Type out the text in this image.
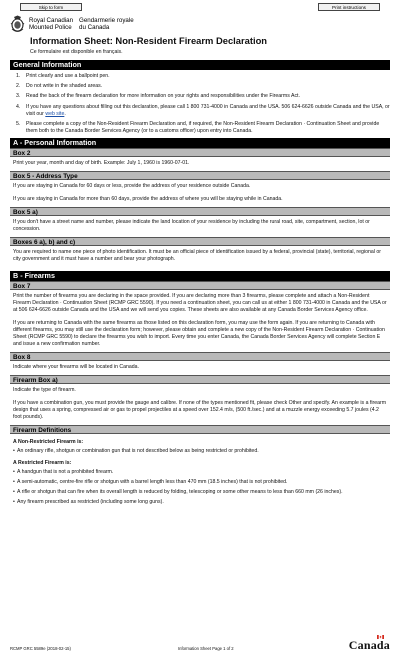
Skip to form	Print instructions
Royal Canadian Gendarmerie royale
Mounted Police	du Canada
Information Sheet: Non-Resident Firearm Declaration
Ce formulaire est disponible en français.
General Information
1.	Print clearly and use a ballpoint pen.
2.	Do not write in the shaded areas.
3.	Read the back of the firearm declaration for more information on your rights and responsibilities under the Firearms Act.
4.	If you have any questions about filling out this declaration, please call 1 800 731-4000 in Canada and the USA. 506 624-6626 outside Canada and the USA, or visit our web site.
5.	Please complete a copy of the Non-Resident Firearm Declaration and, if required, the Non-Resident Firearm Declaration · Continuation Sheet and provide them both to the Canada Border Services Agency (or to a customs officer) upon entry into Canada.
A - Personal Information
Box 2
Print your year, month and day of birth. Example: July 1, 1960 is 1960-07-01.
Box 5 - Address Type
If you are staying in Canada for 60 days or less, provide the address of your residence outside Canada.
If you are staying in Canada for more than 60 days, provide the address of where you will be staying while in Canada.
Box 5 a)
If you don't have a street name and number, please indicate the land location of your residence by including the rural road, site, compartment, section, lot or concession.
Boxes 6 a), b) and c)
You are required to name one piece of photo identification. It must be an official piece of identification issued by a federal, provincial (state), territorial, regional or city government and it must have a number and bear your photograph.
B - Firearms
Box 7
Print the number of firearms you are declaring in the space provided. If you are declaring more than 3 firearms, please complete and attach a Non-Resident Firearm Declaration · Continuation Sheet (RCMP GRC 5590). If you need a continuation sheet, you can call us at either 1 800 731-4000 in Canada and the USA or at 506 624-6626 outside Canada and the USA and we will send you copies. These sheets are also available at any Canada Border Services Agency office.
If you are returning to Canada with the same firearms as those listed on this declaration form, you may use the form again. If you are returning to Canada with different firearms, you may still use the declaration form; however, please obtain and complete a new copy of the Non-Resident Firearm Declaration · Continuation Sheet (RCMP GRC 5590) to declare the firearms you wish to import. Every time you enter Canada, the Canada Border Services Agency will complete Section E and issue a new confirmation number.
Box 8
Indicate where your firearms will be located in Canada.
Firearm Box a)
Indicate the type of firearm.
If you have a combination gun, you must provide the gauge and calibre. If none of the types mentioned fit, please check Other and specify. An example is a firearm design that uses a spring, compressed air or gas to propel projectiles at a speed over 152.4 m/s, (500 ft./sec.) and at a muzzle energy exceeding 5.7 joules (4.2 foot pounds).
Firearm Definitions
A Non-Restricted Firearm is:
• An ordinary rifle, shotgun or combination gun that is not described below as being restricted or prohibited.
A Restricted Firearm is:
• A handgun that is not a prohibited firearm.
• A semi-automatic, centre-fire rifle or shotgun with a barrel length less than 470 mm (18.5 inches) that is not prohibited.
• A rifle or shotgun that can fire when its overall length is reduced by folding, telescoping or some other means to less than 660 mm (26 inches).
• Any firearm prescribed as restricted (including some long guns).
RCMP GRC 5589e (2018-02-15)	Information Sheet Page 1 of 2	Canada
